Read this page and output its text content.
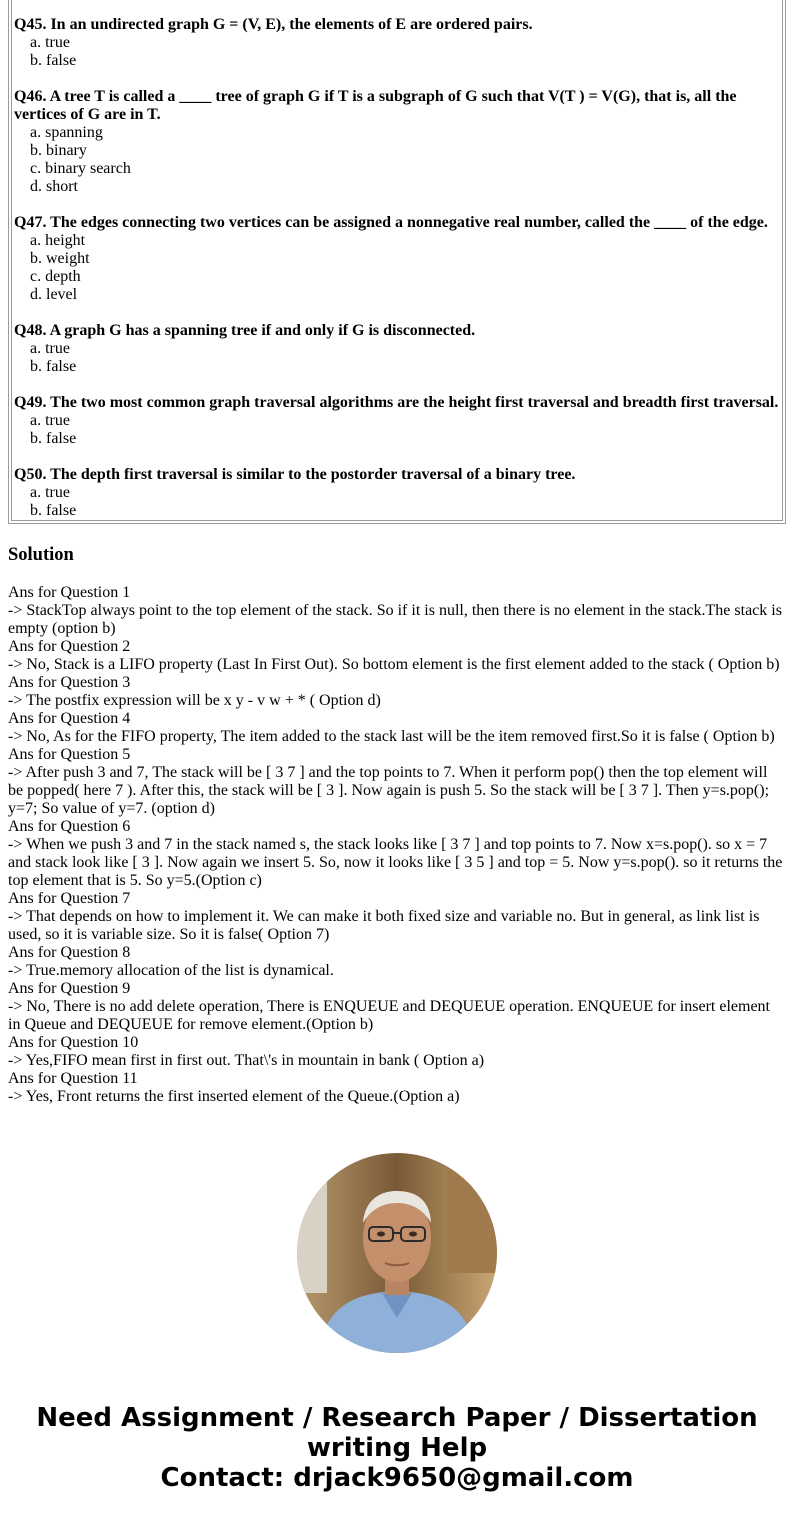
Q45. In an undirected graph G = (V, E), the elements of E are ordered pairs.

a. true

b. false

Q46. A tree T is called a ____ tree of graph G if T is a subgraph of G such that V(T ) = V(G), that is, all the vertices of G are in T.

a. spanning

b. binary

c. binary search

d. short

Q47. The edges connecting two vertices can be assigned a nonnegative real number, called the ____ of the edge.

a. height

b. weight

c. depth

d. level

Q48. A graph G has a spanning tree if and only if G is disconnected.

a. true

b. false

Q49. The two most common graph traversal algorithms are the height first traversal and breadth first traversal.

a. true

b. false

Q50. The depth first traversal is similar to the postorder traversal of a binary tree.

a. true

b. false

Solution

Ans for Question 1

-> StackTop always point to the top element of the stack. So if it is null, then there is no element in the stack.The stack is empty (option b)

Ans for Question 2

-> No, Stack is a LIFO property (Last In First Out). So bottom element is the first element added to the stack ( Option b)

Ans for Question 3

-> The postfix expression will be x y - v w + * ( Option d)

Ans for Question 4

-> No, As for the FIFO property, The item added to the stack last will be the item removed first.So it is false ( Option b)

Ans for Question 5

-> After push 3 and 7, The stack will be [ 3 7 ] and the top points to 7. When it perform pop() then the top element will be popped( here 7 ). After this, the stack will be [ 3 ]. Now again is push 5. So the stack will be [ 3 7 ]. Then y=s.pop(); y=7; So value of y=7. (option d)

Ans for Question 6

-> When we push 3 and 7 in the stack named s, the stack looks like [ 3 7 ] and top points to 7. Now x=s.pop(). so x = 7 and stack look like [ 3 ]. Now again we insert 5. So, now it looks like [ 3 5 ] and top = 5. Now y=s.pop(). so it returns the top element that is 5. So y=5.(Option c)

Ans for Question 7

-> That depends on how to implement it. We can make it both fixed size and variable no. But in general, as link list is used, so it is variable size. So it is false( Option 7)

Ans for Question 8

-> True.memory allocation of the list is dynamical.

Ans for Question 9

-> No, There is no add delete operation, There is ENQUEUE and DEQUEUE operation. ENQUEUE for insert element in Queue and DEQUEUE for remove element.(Option b)

Ans for Question 10

-> Yes,FIFO mean first in first out. That\'s in mountain in bank ( Option a)

Ans for Question 11

-> Yes, Front returns the first inserted element of the Queue.(Option a)

Need Assignment / Research Paper / Dissertation
writing Help
Contact: drjack9650@gmail.com
